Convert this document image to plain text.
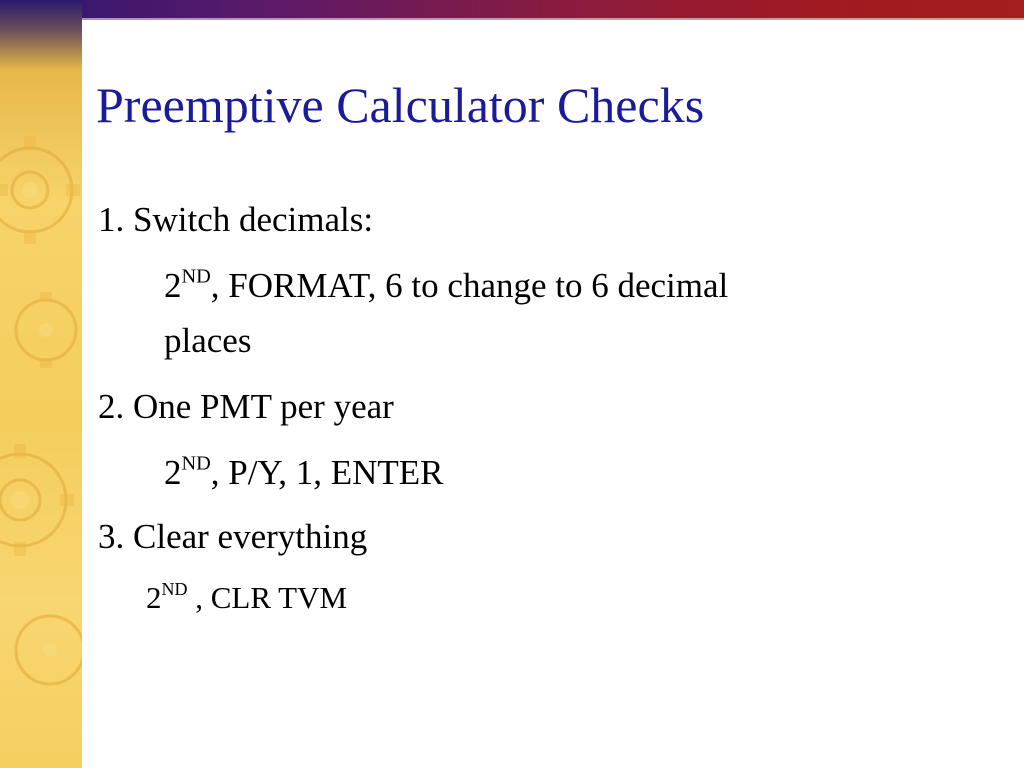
Preemptive Calculator Checks

1. Switch decimals:

2ND, FORMAT, 6 to change to 6 decimal

places

2. One PMT per year

2ND, P/Y, 1, ENTER

3. Clear everything

2ND , CLR TVM
